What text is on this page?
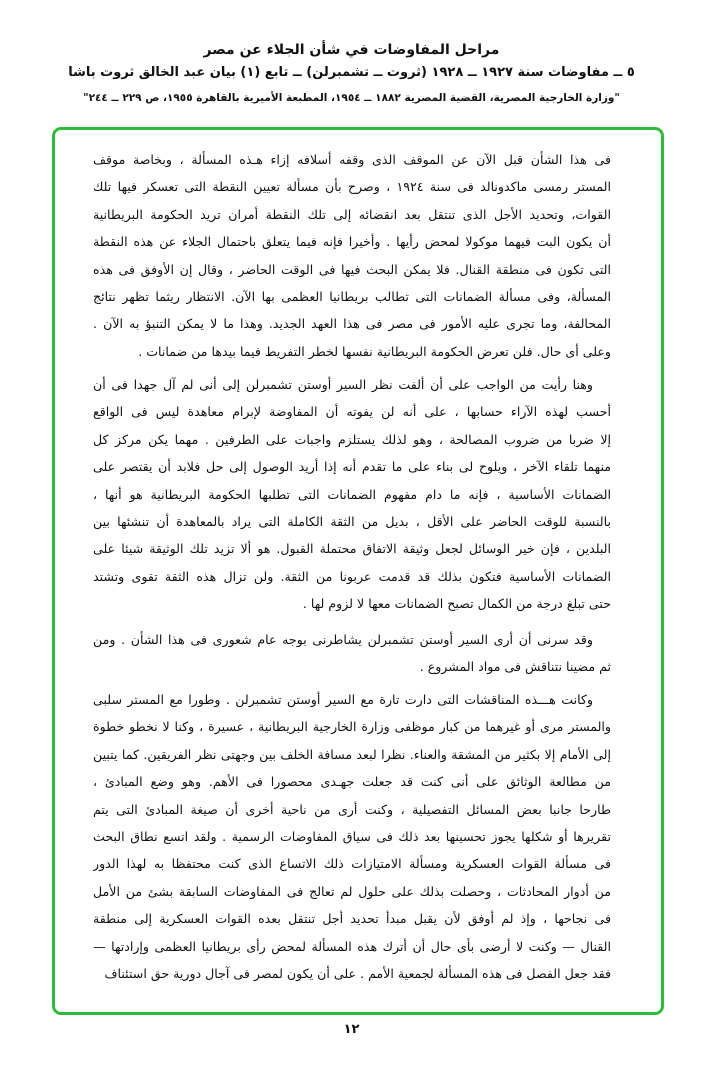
مراحل المفاوضات في شأن الجلاء عن مصر
٥ ــ مفاوضات سنة ١٩٢٧ ــ ١٩٢٨ (ثروت ــ تشمبرلن) ــ تابع (١) بيان عبد الخالق ثروت باشا
"وزارة الخارجية المصرية، القضية المصرية ١٨٨٢ ــ ١٩٥٤، المطبعة الأميرية بالقاهرة ١٩٥٥، ص ٢٢٩ ــ ٢٤٤"
فى هذا الشأن قبل الآن عن الموقف الذى وقفه أسلافه إزاء هـذه المسألة ، وبخاصة موقف
المستر رمسى ماكدونالد فى سنة ١٩٢٤ ، وصرح بأن مسألة تعيين النقطة التى تعسكر فيها تلك
القوات، وتحديد الأجل الذى تنتقل بعد انقضائه إلى تلك النقطة أمران تريد الحكومة البريطانية
أن يكون البت فيهما موكولا لمحض رأيها . وأخيرا فإنه فيما يتعلق باحتمال الجلاء عن هذه النقطة
التى تكون فى منطقة القنال. فلا يمكن البحث فيها فى الوقت الحاضر ، وقال إن الأوفق فى هذه
المسألة، وفى مسألة الضمانات التى تطالب بريطانيا العظمى بها الآن. الانتظار ريثما تظهر نتائج
المحالفة، وما تجرى عليه الأمور فى مصر فى هذا العهد الجديد. وهذا ما لا يمكن التنبؤ به الآن .
وعلى أى حال. فلن تعرض الحكومة البريطانية نفسها لخطر التفريط فيما بيدها من ضمانات .
وهنا رأيت من الواجب على أن ألفت نظر السير أوستن تشمبرلن إلى أنى لم آل جهدا فى أن
أحسب لهذه الآراء حسابها ، على أنه لن يفوته أن المفاوضة لإبرام معاهدة ليس فى الواقع
إلا ضربا من ضروب المصالحة ، وهو لذلك يستلزم واجبات على الطرفين . مهما يكن مركز كل
منهما تلقاء الآخر ، ويلوح لى بناء على ما تقدم أنه إذا أريد الوصول إلى حل فلابد أن يقتصر على
الضمانات الأساسية ، فإنه ما دام مفهوم الضمانات التى تطلبها الحكومة البريطانية هو أنها ،
بالنسبة للوقت الحاضر على الأقل ، بديل من الثقة الكاملة التى يراد بالمعاهدة أن تنشئها بين
البلدين ، فإن خير الوسائل لجعل وثيقة الاتفاق محتملة القبول. هو ألا تزيد تلك الوثيقة شيئا على
الضمانات الأساسية فتكون بذلك قد قدمت عربونا من الثقة. ولن تزال هذه الثقة تقوى وتشتد
حتى تبلغ درجة من الكمال تصبح الضمانات معها لا لزوم لها .
وقد سرنى أن أرى السير أوستن تشمبرلن يشاطرنى بوجه عام شعورى فى هذا الشأن . ومن
ثم مضينا نتناقش فى مواد المشروع .
وكانت هـــذه المناقشات التى دارت تارة مع السير أوستن تشمبرلن . وطورا مع المستر سلبى
والمستر مرى أو غيرهما من كبار موظفى وزارة الخارجية البريطانية ، عسيرة ، وكنا لا نخطو خطوة
إلى الأمام إلا بكثير من المشقة والعناء. نظرا لبعد مسافة الخلف بين وجهتى نظر الفريقين. كما يتبين
من مطالعة الوثائق على أنى كنت قد جعلت جهـدى محصورا فى الأهم. وهو وضع المبادئ ،
طارحا جانبا بعض المسائل التفصيلية ، وكنت أرى من ناحية أخرى أن صيغة المبادئ التى يتم
تقريرها أو شكلها يجوز تحسينها بعد ذلك فى سياق المفاوضات الرسمية . ولقد اتسع نطاق البحث
فى مسألة القوات العسكرية ومسألة الامتيازات ذلك الاتساع الذى كنت محتفظا به لهذا الدور
من أدوار المحادثات ، وحصلت بذلك على حلول لم تعالج فى المفاوضات السابقة بشئ من الأمل
فى نجاحها ، وإذ لم أوفق لأن يقبل مبدأ تحديد أجل تنتقل بعده القوات العسكرية إلى منطقة
القنال — وكنت لا أرضى بأى حال أن أترك هذه المسألة لمحض رأى بريطانيا العظمى وإرادتها —
فقد جعل الفصل فى هذه المسألة لجمعية الأمم . على أن يكون لمصر فى آجال دورية حق استئناف
١٢
